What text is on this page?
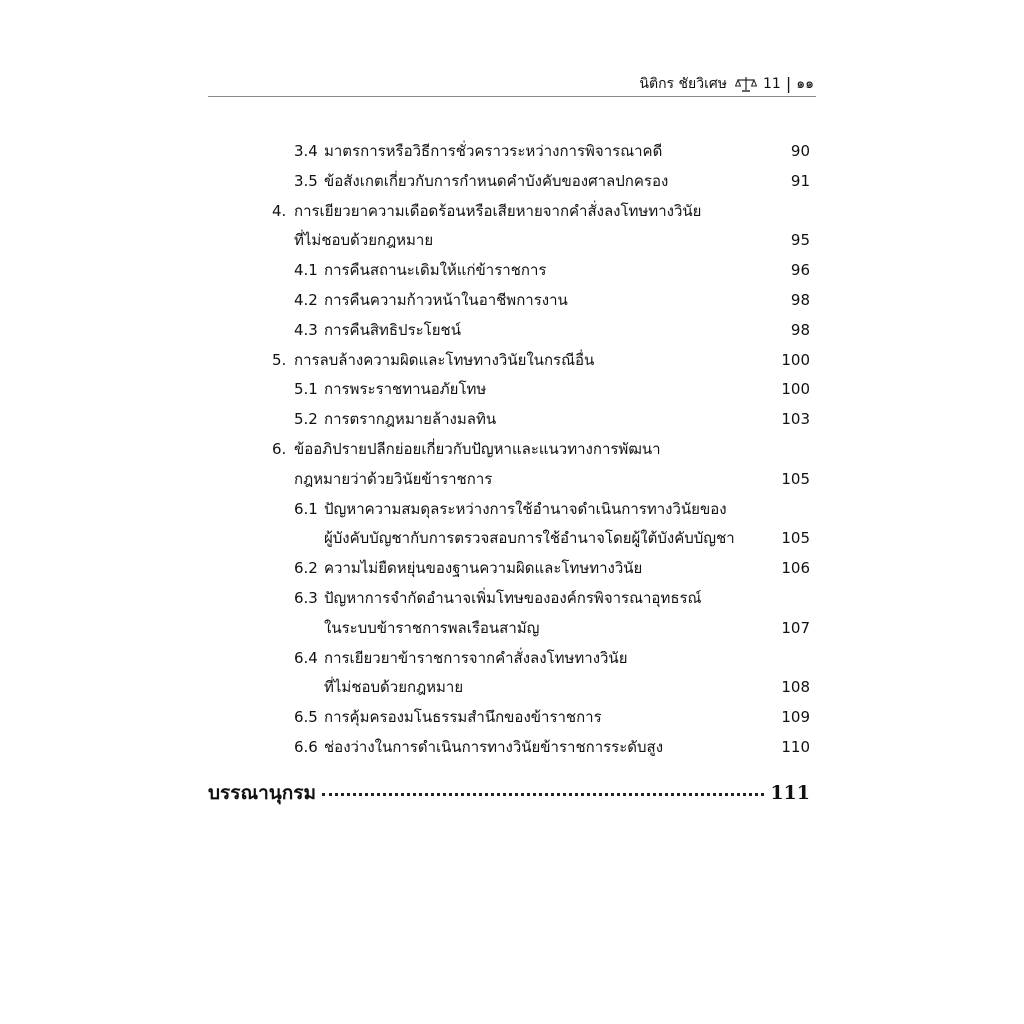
นิติกร ชัยวิเศษ	11 | ๑๑
3.4 มาตรการหรือวิธีการชั่วคราวระหว่างการพิจารณาคดี	90
3.5 ข้อสังเกตเกี่ยวกับการกำหนดคำบังคับของศาลปกครอง	91
4. การเยียวยาความเดือดร้อนหรือเสียหายจากคำสั่งลงโทษทางวินัย
ที่ไม่ชอบด้วยกฎหมาย	95
4.1 การคืนสถานะเดิมให้แก่ข้าราชการ	96
4.2 การคืนความก้าวหน้าในอาชีพการงาน	98
4.3 การคืนสิทธิประโยชน์	98
5. การลบล้างความผิดและโทษทางวินัยในกรณีอื่น	100
5.1 การพระราชทานอภัยโทษ	100
5.2 การตรากฎหมายล้างมลทิน	103
6. ข้ออภิปรายปลีกย่อยเกี่ยวกับปัญหาและแนวทางการพัฒนา
กฎหมายว่าด้วยวินัยข้าราชการ	105
6.1 ปัญหาความสมดุลระหว่างการใช้อำนาจดำเนินการทางวินัยของ
ผู้บังคับบัญชากับการตรวจสอบการใช้อำนาจโดยผู้ใต้บังคับบัญชา	105
6.2 ความไม่ยืดหยุ่นของฐานความผิดและโทษทางวินัย	106
6.3 ปัญหาการจำกัดอำนาจเพิ่มโทษขององค์กรพิจารณาอุทธรณ์
ในระบบข้าราชการพลเรือนสามัญ	107
6.4 การเยียวยาข้าราชการจากคำสั่งลงโทษทางวินัย
ที่ไม่ชอบด้วยกฎหมาย	108
6.5 การคุ้มครองมโนธรรมสำนึกของข้าราชการ	109
6.6 ช่องว่างในการดำเนินการทางวินัยข้าราชการระดับสูง	110
บรรณานุกรม	111
